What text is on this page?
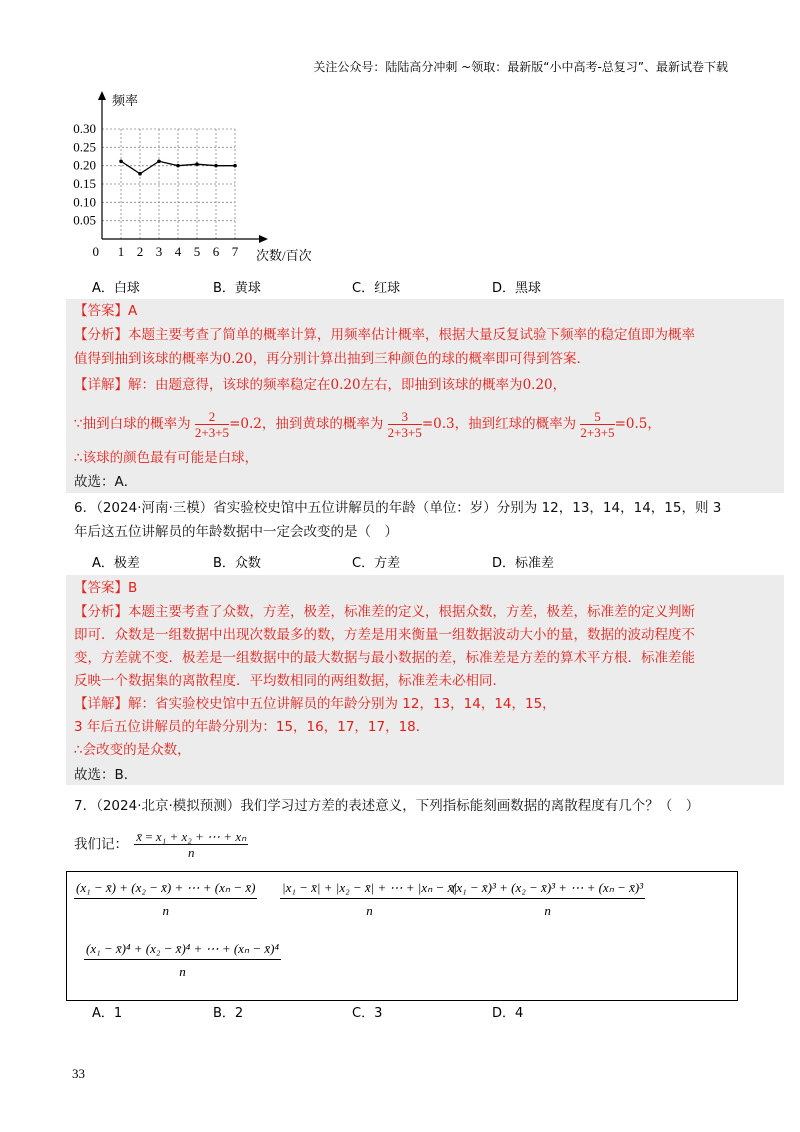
关注公众号：陆陆高分冲刺 ~领取：最新版“小中高考-总复习”、最新试卷下载
0.30
0.25
0.20
0.15
0.10
0.05
0 1 2 3 4 5 6 7
频率
次数/百次
A．白球	B．黄球	C．红球	D．黑球
【答案】A
【分析】本题主要考查了简单的概率计算，用频率估计概率，根据大量反复试验下频率的稳定值即为概率
值得到抽到该球的概率为0.20，再分别计算出抽到三种颜色的球的概率即可得到答案．
【详解】解：由题意得，该球的频率稳定在0.20左右，即抽到该球的概率为0.20，
∵抽到白球的概率为 $\frac{2}{2+3+5} =0.2$，抽到黄球的概率为 $\frac{3}{2+3+5} =0.3$，抽到红球的概率为 $\frac{5}{2+3+5} =0.5$，
∴该球的颜色最有可能是白球，
故选：A．
6．（2024·河南·三模）省实验校史馆中五位讲解员的年龄（单位：岁）分别为 12，13，14，14，15，则 3
年后这五位讲解员的年龄数据中一定会改变的是（　）
A．极差	B．众数	C．方差	D．标准差
【答案】B
【分析】本题主要考查了众数，方差，极差，标准差的定义，根据众数，方差，极差，标准差的定义判断
即可．众数是一组数据中出现次数最多的数，方差是用来衡量一组数据波动大小的量，数据的波动程度不
变，方差就不变．极差是一组数据中的最大数据与最小数据的差，标准差是方差的算术平方根．标准差能
反映一个数据集的离散程度．平均数相同的两组数据，标准差未必相同．
【详解】解：省实验校史馆中五位讲解员的年龄分别为 12，13，14，14，15，
3 年后五位讲解员的年龄分别为：15，16，17，17，18．
∴会改变的是众数，
故选：B．
7．（2024·北京·模拟预测）我们学习过方差的表述意义，下列指标能刻画数据的离散程度有几个？（　）
我们记： $\frac{\text{x̄ = x₁ + x₂ + ⋯ + xₙ}}{n}$
$\frac{\text{(x₁ − x̄) + (x₂ − x̄) + ⋯ + (xₙ − x̄)}}{n} \frac{\text{|x₁ − x̄| + |x₂ − x̄| + ⋯ + |xₙ − x̄|}}{n}$
$\frac{\text{(x₁ − x̄)³ + (x₂ − x̄)³ + ⋯ + (xₙ − x̄)³}}{n}$
$\frac{\text{(x₁ − x̄)⁴ + (x₂ − x̄)⁴ + ⋯ + (xₙ − x̄)⁴}}{n}$
A．1	B．2	C．3	D．4
33
